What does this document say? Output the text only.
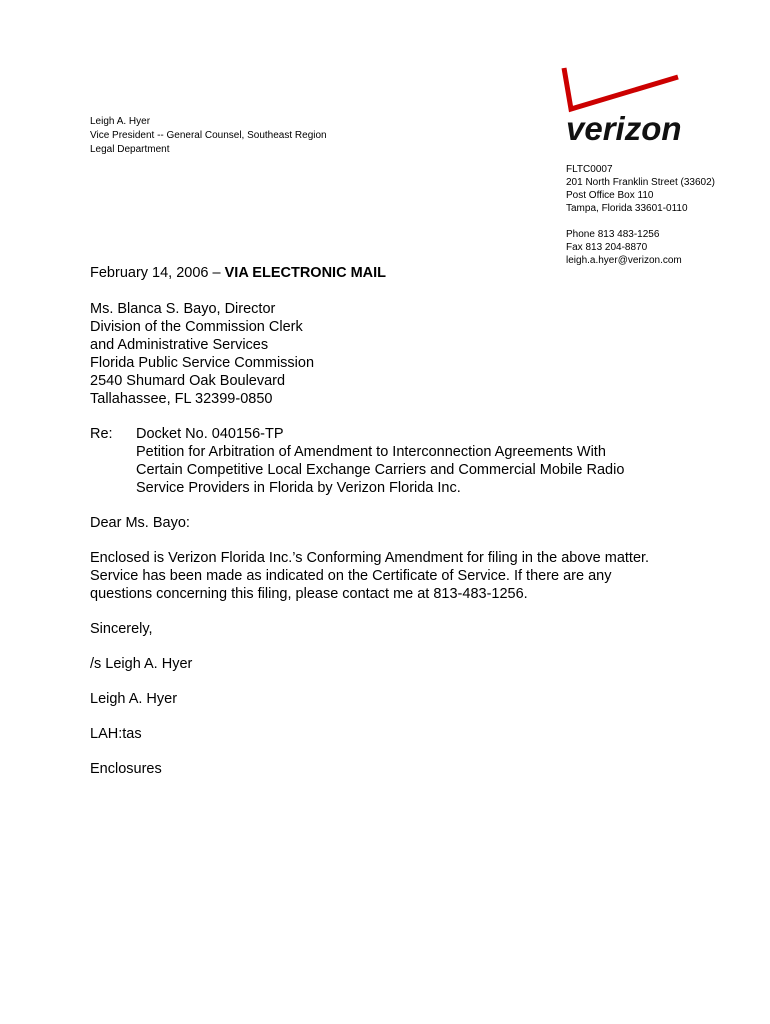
Leigh A. Hyer
Vice President -- General Counsel, Southeast Region
Legal Department
verizon
FLTC0007
201 North Franklin Street (33602)
Post Office Box 110
Tampa, Florida 33601-0110
Phone 813 483-1256
Fax 813 204-8870
leigh.a.hyer@verizon.com
February 14, 2006 – VIA ELECTRONIC MAIL
Ms. Blanca S. Bayo, Director
Division of the Commission Clerk
and Administrative Services
Florida Public Service Commission
2540 Shumard Oak Boulevard
Tallahassee, FL 32399-0850
Re:	Docket No. 040156-TP
Petition for Arbitration of Amendment to Interconnection Agreements With
Certain Competitive Local Exchange Carriers and Commercial Mobile Radio
Service Providers in Florida by Verizon Florida Inc.
Dear Ms. Bayo:
Enclosed is Verizon Florida Inc.’s Conforming Amendment for filing in the above matter.
Service has been made as indicated on the Certificate of Service. If there are any
questions concerning this filing, please contact me at 813-483-1256.
Sincerely,
/s Leigh A. Hyer
Leigh A. Hyer
LAH:tas
Enclosures
